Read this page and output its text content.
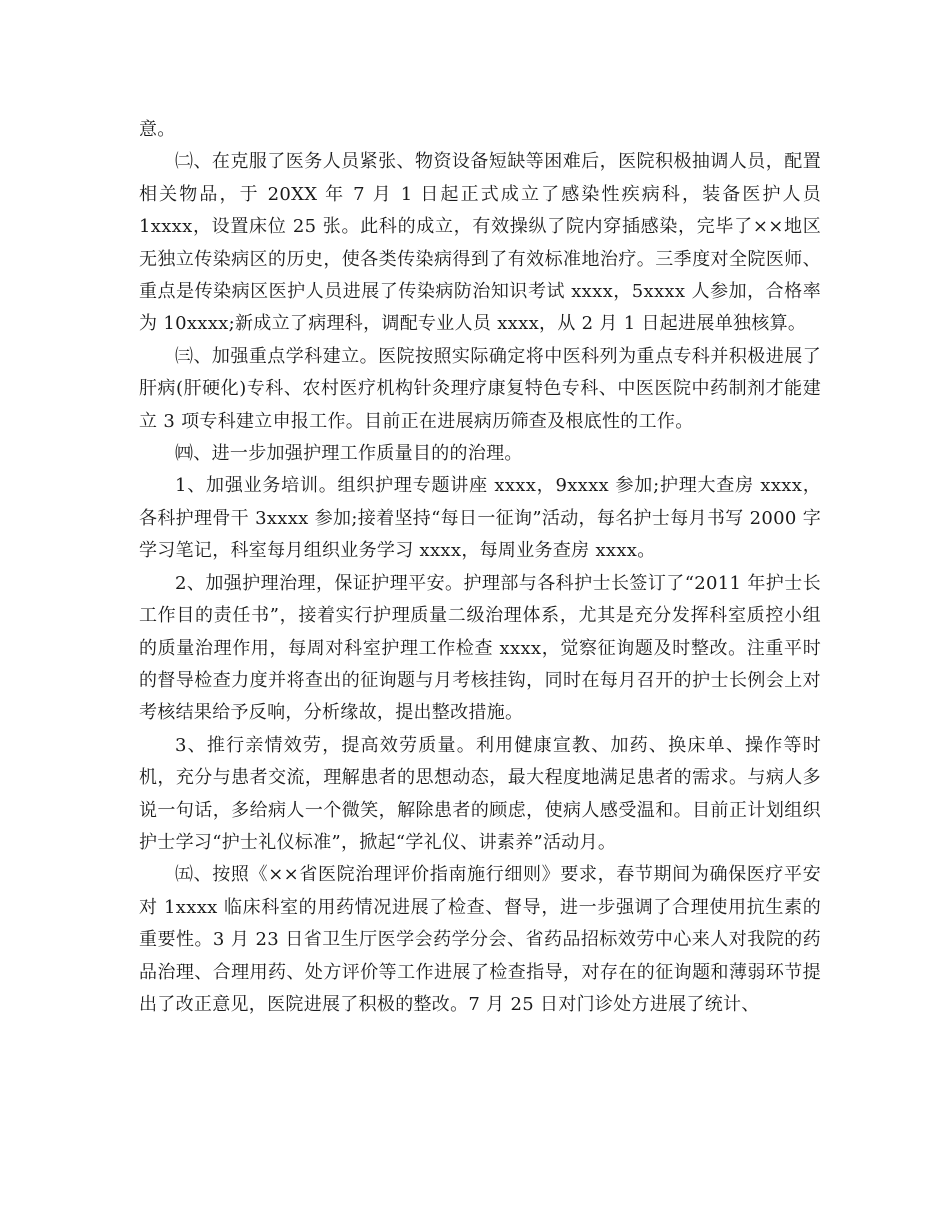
意。

㈡、在克服了医务人员紧张、物资设备短缺等困难后，医院积极抽调人员，配置相关物品，于 20XX 年 7 月 1 日起正式成立了感染性疾病科，装备医护人员 1xxxx，设置床位 25 张。此科的成立，有效操纵了院内穿插感染，完毕了××地区无独立传染病区的历史，使各类传染病得到了有效标准地治疗。三季度对全院医师、重点是传染病区医护人员进展了传染病防治知识考试 xxxx，5xxxx 人参加，合格率为 10xxxx;新成立了病理科，调配专业人员 xxxx，从 2 月 1 日起进展单独核算。

㈢、加强重点学科建立。医院按照实际确定将中医科列为重点专科并积极进展了肝病(肝硬化)专科、农村医疗机构针灸理疗康复特色专科、中医医院中药制剂才能建立 3 项专科建立申报工作。目前正在进展病历筛查及根底性的工作。

㈣、进一步加强护理工作质量目的的治理。

1、加强业务培训。组织护理专题讲座 xxxx，9xxxx 参加;护理大查房 xxxx，各科护理骨干 3xxxx 参加;接着坚持“每日一征询”活动，每名护士每月书写 2000 字学习笔记，科室每月组织业务学习 xxxx，每周业务查房 xxxx。

2、加强护理治理，保证护理平安。护理部与各科护士长签订了“2011 年护士长工作目的责任书”，接着实行护理质量二级治理体系，尤其是充分发挥科室质控小组的质量治理作用，每周对科室护理工作检查 xxxx，觉察征询题及时整改。注重平时的督导检查力度并将查出的征询题与月考核挂钩，同时在每月召开的护士长例会上对考核结果给予反响，分析缘故，提出整改措施。

3、推行亲情效劳，提高效劳质量。利用健康宣教、加药、换床单、操作等时机，充分与患者交流，理解患者的思想动态，最大程度地满足患者的需求。与病人多说一句话，多给病人一个微笑，解除患者的顾虑，使病人感受温和。目前正计划组织护士学习“护士礼仪标准”，掀起“学礼仪、讲素养”活动月。

㈤、按照《××省医院治理评价指南施行细则》要求，春节期间为确保医疗平安对 1xxxx 临床科室的用药情况进展了检查、督导，进一步强调了合理使用抗生素的重要性。3 月 23 日省卫生厅医学会药学分会、省药品招标效劳中心来人对我院的药品治理、合理用药、处方评价等工作进展了检查指导，对存在的征询题和薄弱环节提出了改正意见，医院进展了积极的整改。7 月 25 日对门诊处方进展了统计、
